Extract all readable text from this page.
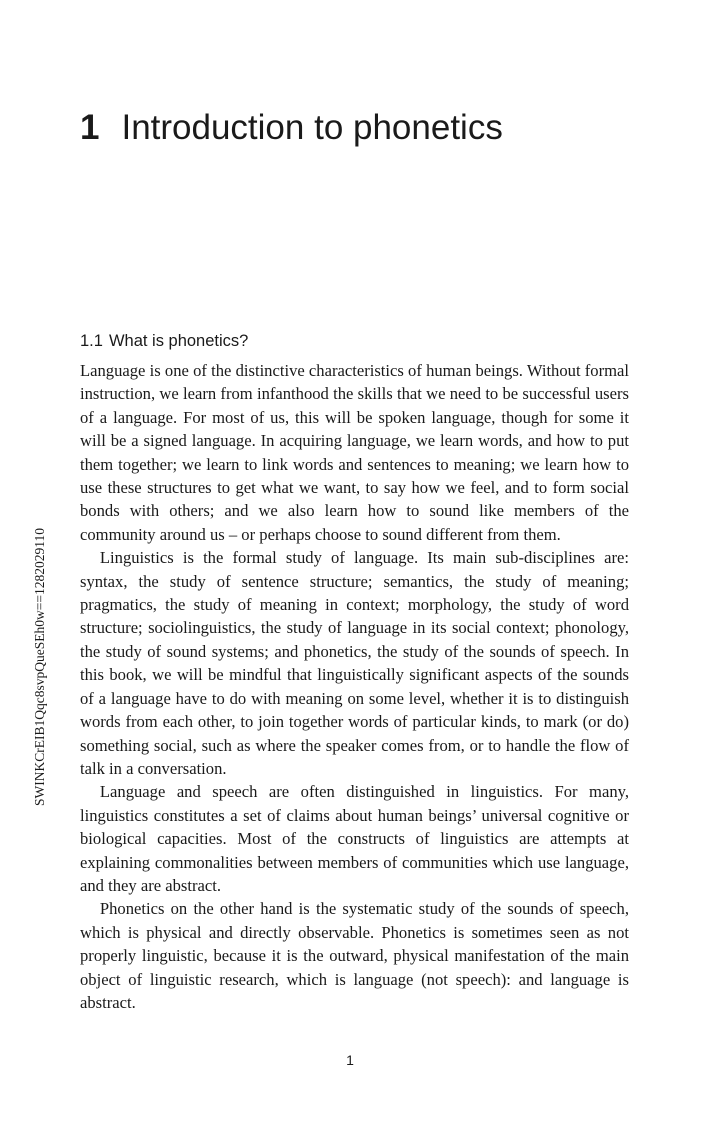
1 Introduction to phonetics
1.1 What is phonetics?

Language is one of the distinctive characteristics of human beings. Without formal instruction, we learn from infanthood the skills that we need to be successful users of a language. For most of us, this will be spoken language, though for some it will be a signed language. In acquiring language, we learn words, and how to put them together; we learn to link words and sentences to meaning; we learn how to use these structures to get what we want, to say how we feel, and to form social bonds with others; and we also learn how to sound like members of the community around us – or perhaps choose to sound different from them.

Linguistics is the formal study of language. Its main sub-disciplines are: syntax, the study of sentence structure; semantics, the study of meaning; pragmatics, the study of meaning in context; morphology, the study of word structure; sociolinguistics, the study of language in its social context; phonology, the study of sound systems; and phonetics, the study of the sounds of speech. In this book, we will be mindful that linguistically significant aspects of the sounds of a language have to do with meaning on some level, whether it is to distinguish words from each other, to join together words of particular kinds, to mark (or do) something social, such as where the speaker comes from, or to handle the flow of talk in a conversation.

Language and speech are often distinguished in linguistics. For many, linguistics constitutes a set of claims about human beings’ universal cognitive or biological capacities. Most of the constructs of linguistics are attempts at explaining commonalities between members of communities which use language, and they are abstract.

Phonetics on the other hand is the systematic study of the sounds of speech, which is physical and directly observable. Phonetics is sometimes seen as not properly linguistic, because it is the outward, physical manifestation of the main object of linguistic research, which is language (not speech): and language is abstract.

1
SWINKCrEIB1Qqc8svpQueSEh0w==1282029110
